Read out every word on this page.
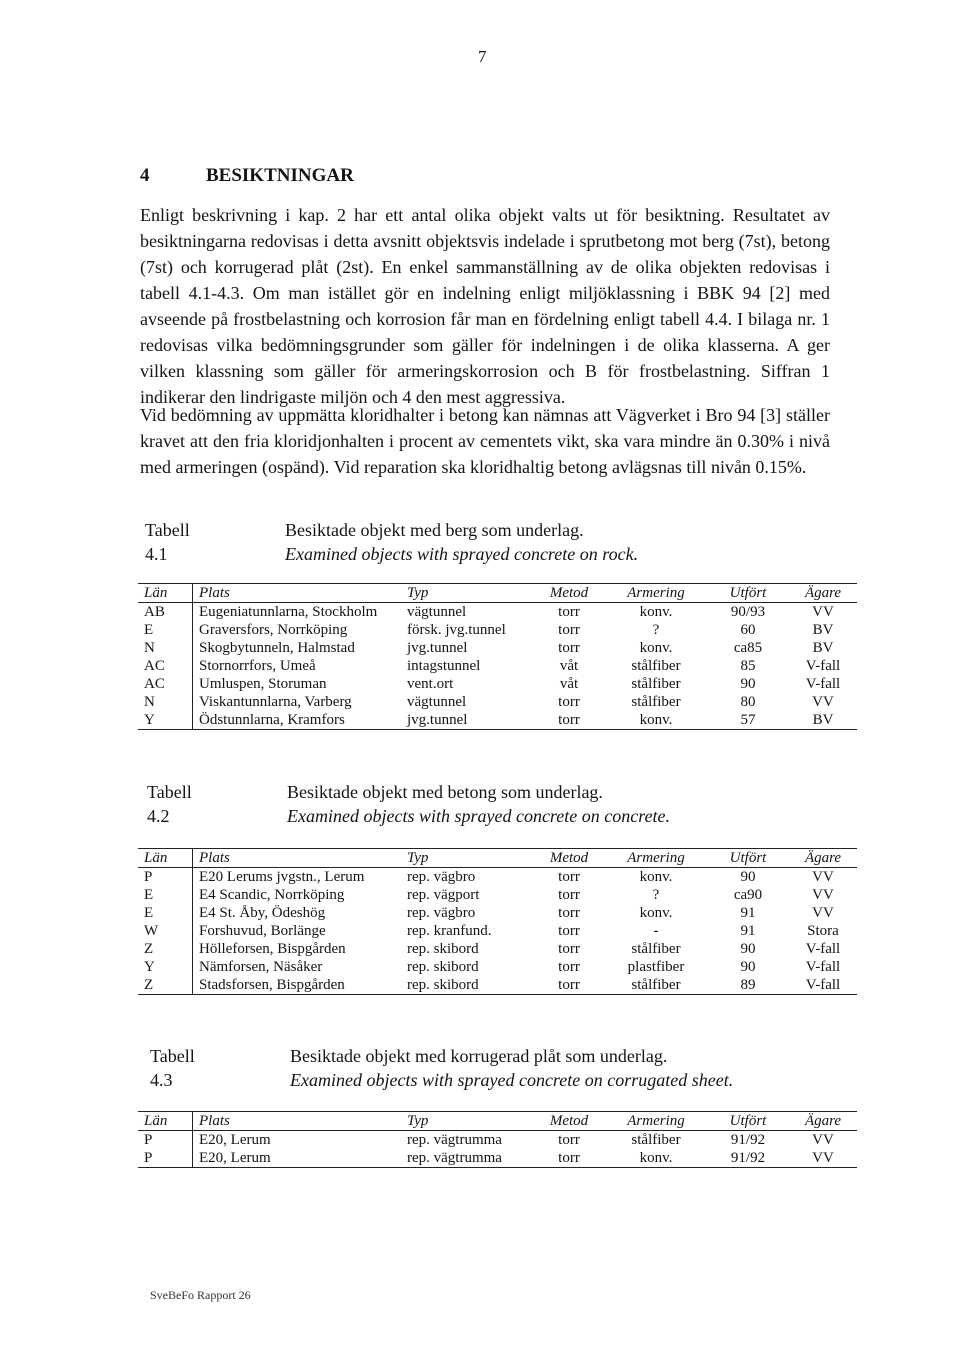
7
4	BESIKTNINGAR

Enligt beskrivning i kap. 2 har ett antal olika objekt valts ut för besiktning. Resultatet av besiktningarna redovisas i detta avsnitt objektsvis indelade i sprutbetong mot berg (7st), betong (7st) och korrugerad plåt (2st). En enkel sammanställning av de olika objekten redovisas i tabell 4.1-4.3. Om man istället gör en indelning enligt miljöklassning i BBK 94 [2] med avseende på frostbelastning och korrosion får man en fördelning enligt tabell 4.4. I bilaga nr. 1 redovisas vilka bedömningsgrunder som gäller för indelningen i de olika klasserna. A ger vilken klassning som gäller för armeringskorrosion och B för frostbelastning. Siffran 1 indikerar den lindrigaste miljön och 4 den mest aggressiva.

Vid bedömning av uppmätta kloridhalter i betong kan nämnas att Vägverket i Bro 94 [3] ställer kravet att den fria kloridjonhalten i procent av cementets vikt, ska vara mindre än 0.30% i nivå med armeringen (ospänd). Vid reparation ska kloridhaltig betong avlägsnas till nivån 0.15%.

Tabell 4.1
Besiktade objekt med berg som underlag.
Examined objects with sprayed concrete on rock.
Län	Plats	Typ	Metod	Armering	Utfört	Ägare
AB	Eugeniatunnlarna, Stockholm	vägtunnel	torr	konv.	90/93	VV
E	Graversfors, Norrköping	försk. jvg.tunnel	torr	?	60	BV
N	Skogbytunneln, Halmstad	jvg.tunnel	torr	konv.	ca85	BV
AC	Stornorrfors, Umeå	intagstunnel	våt	stålfiber	85	V-fall
AC	Umluspen, Storuman	vent.ort	våt	stålfiber	90	V-fall
N	Viskantunnlarna, Varberg	vägtunnel	torr	stålfiber	80	VV
Y	Ödstunnlarna, Kramfors	jvg.tunnel	torr	konv.	57	BV
Tabell 4.2
Besiktade objekt med betong som underlag.
Examined objects with sprayed concrete on concrete.
Län	Plats	Typ	Metod	Armering	Utfört	Ägare
P	E20 Lerums jvgstn., Lerum	rep. vägbro	torr	konv.	90	VV
E	E4 Scandic, Norrköping	rep. vägport	torr	?	ca90	VV
E	E4 St. Åby, Ödeshög	rep. vägbro	torr	konv.	91	VV
W	Forshuvud, Borlänge	rep. kranfund.	torr	-	91	Stora
Z	Hölleforsen, Bispgården	rep. skibord	torr	stålfiber	90	V-fall
Y	Nämforsen, Näsåker	rep. skibord	torr	plastfiber	90	V-fall
Z	Stadsforsen, Bispgården	rep. skibord	torr	stålfiber	89	V-fall
Tabell 4.3
Besiktade objekt med korrugerad plåt som underlag.
Examined objects with sprayed concrete on corrugated sheet.
Län	Plats	Typ	Metod	Armering	Utfört	Ägare
P	E20, Lerum	rep. vägtrumma	torr	stålfiber	91/92	VV
P	E20, Lerum	rep. vägtrumma	torr	konv.	91/92	VV
SveBeFo Rapport 26
